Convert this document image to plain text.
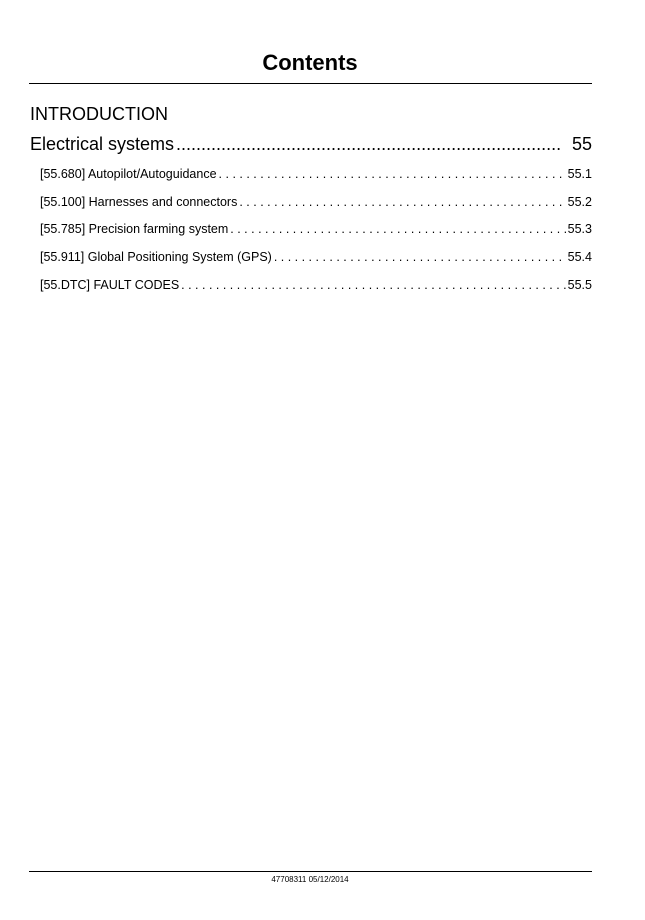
Contents
INTRODUCTION
Electrical systems .....	55
[55.680] Autopilot/Autoguidance . . .	55.1
[55.100] Harnesses and connectors . . .	55.2
[55.785] Precision farming system . . .	55.3
[55.911] Global Positioning System (GPS) . . .	55.4
[55.DTC] FAULT CODES . . .	55.5
47708311 05/12/2014
